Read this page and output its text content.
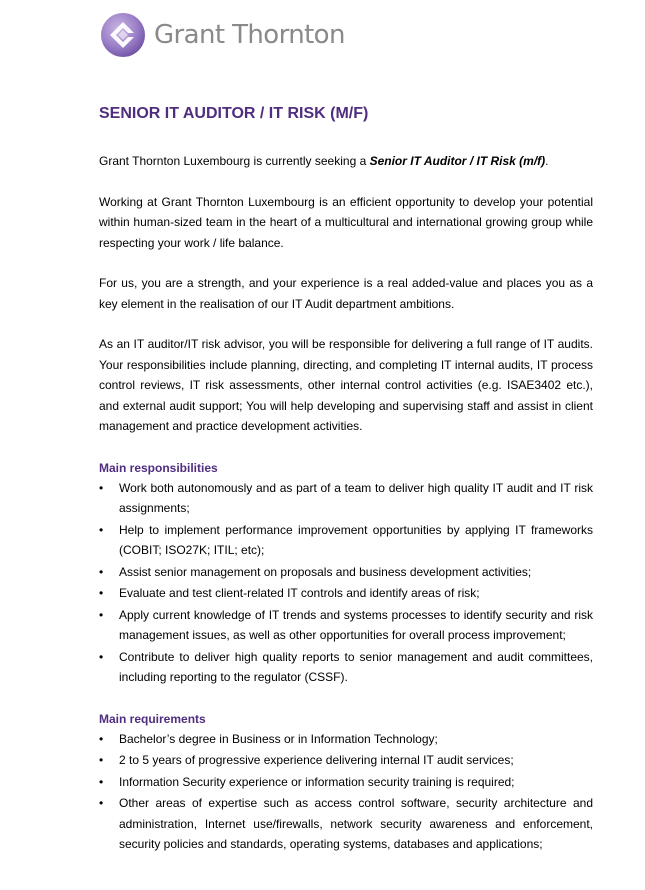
Grant Thornton
SENIOR IT AUDITOR / IT RISK (M/F)

Grant Thornton Luxembourg is currently seeking a Senior IT Auditor / IT Risk (m/f).

Working at Grant Thornton Luxembourg is an efficient opportunity to develop your potential within human-sized team in the heart of a multicultural and international growing group while respecting your work / life balance.

For us, you are a strength, and your experience is a real added-value and places you as a key element in the realisation of our IT Audit department ambitions.

As an IT auditor/IT risk advisor, you will be responsible for delivering a full range of IT audits. Your responsibilities include planning, directing, and completing IT internal audits, IT process control reviews, IT risk assessments, other internal control activities (e.g. ISAE3402 etc.), and external audit support; You will help developing and supervising staff and assist in client management and practice development activities.

Main responsibilities
• Work both autonomously and as part of a team to deliver high quality IT audit and IT risk assignments;
• Help to implement performance improvement opportunities by applying IT frameworks (COBIT; ISO27K; ITIL; etc);
• Assist senior management on proposals and business development activities;
• Evaluate and test client-related IT controls and identify areas of risk;
• Apply current knowledge of IT trends and systems processes to identify security and risk management issues, as well as other opportunities for overall process improvement;
• Contribute to deliver high quality reports to senior management and audit committees, including reporting to the regulator (CSSF).
Main requirements
• Bachelor’s degree in Business or in Information Technology;
• 2 to 5 years of progressive experience delivering internal IT audit services;
• Information Security experience or information security training is required;
• Other areas of expertise such as access control software, security architecture and administration, Internet use/firewalls, network security awareness and enforcement, security policies and standards, operating systems, databases and applications;
